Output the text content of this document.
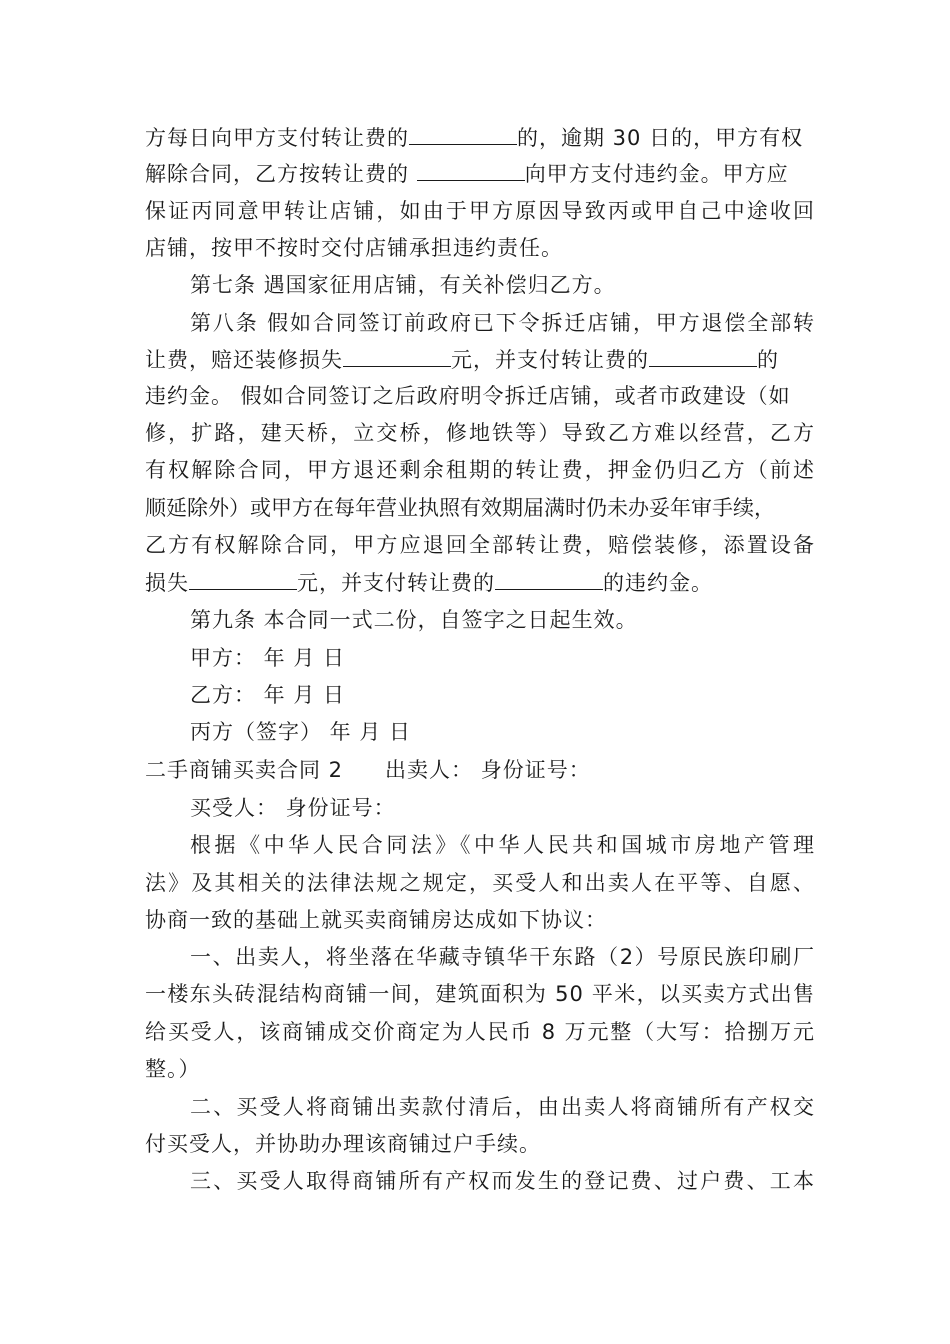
方每日向甲方支付转让费的	的，逾期 30 日的，甲方有权
解除合同，乙方按转让费的	向甲方支付违约金。甲方应
保证丙同意甲转让店铺，如由于甲方原因导致丙或甲自己中途收回
店铺，按甲不按时交付店铺承担违约责任。
第七条 遇国家征用店铺，有关补偿归乙方。
第八条 假如合同签订前政府已下令拆迁店铺，甲方退偿全部转
让费，赔还装修损失	元，并支付转让费的	的
违约金。 假如合同签订之后政府明令拆迁店铺，或者市政建设（如
修，扩路，建天桥，立交桥，修地铁等）导致乙方难以经营，乙方
有权解除合同，甲方退还剩余租期的转让费，押金仍归乙方（前述
顺延除外）或甲方在每年营业执照有效期届满时仍未办妥年审手续，
乙方有权解除合同，甲方应退回全部转让费，赔偿装修，添置设备
损失	元，并支付转让费的	的违约金。
第九条 本合同一式二份，自签字之日起生效。
甲方： 年 月 日
乙方： 年 月 日
丙方（签字） 年 月 日
二手商铺买卖合同 2 出卖人： 身份证号：
买受人： 身份证号：
根据《中华人民合同法》《中华人民共和国城市房地产管理
法》及其相关的法律法规之规定，买受人和出卖人在平等、自愿、
协商一致的基础上就买卖商铺房达成如下协议：
一、出卖人，将坐落在华藏寺镇华干东路（2）号原民族印刷厂
一楼东头砖混结构商铺一间，建筑面积为 50 平米，以买卖方式出售
给买受人，该商铺成交价商定为人民币 8 万元整（大写：拾捌万元
整。）
二、买受人将商铺出卖款付清后，由出卖人将商铺所有产权交
付买受人，并协助办理该商铺过户手续。
三、买受人取得商铺所有产权而发生的登记费、过户费、工本
